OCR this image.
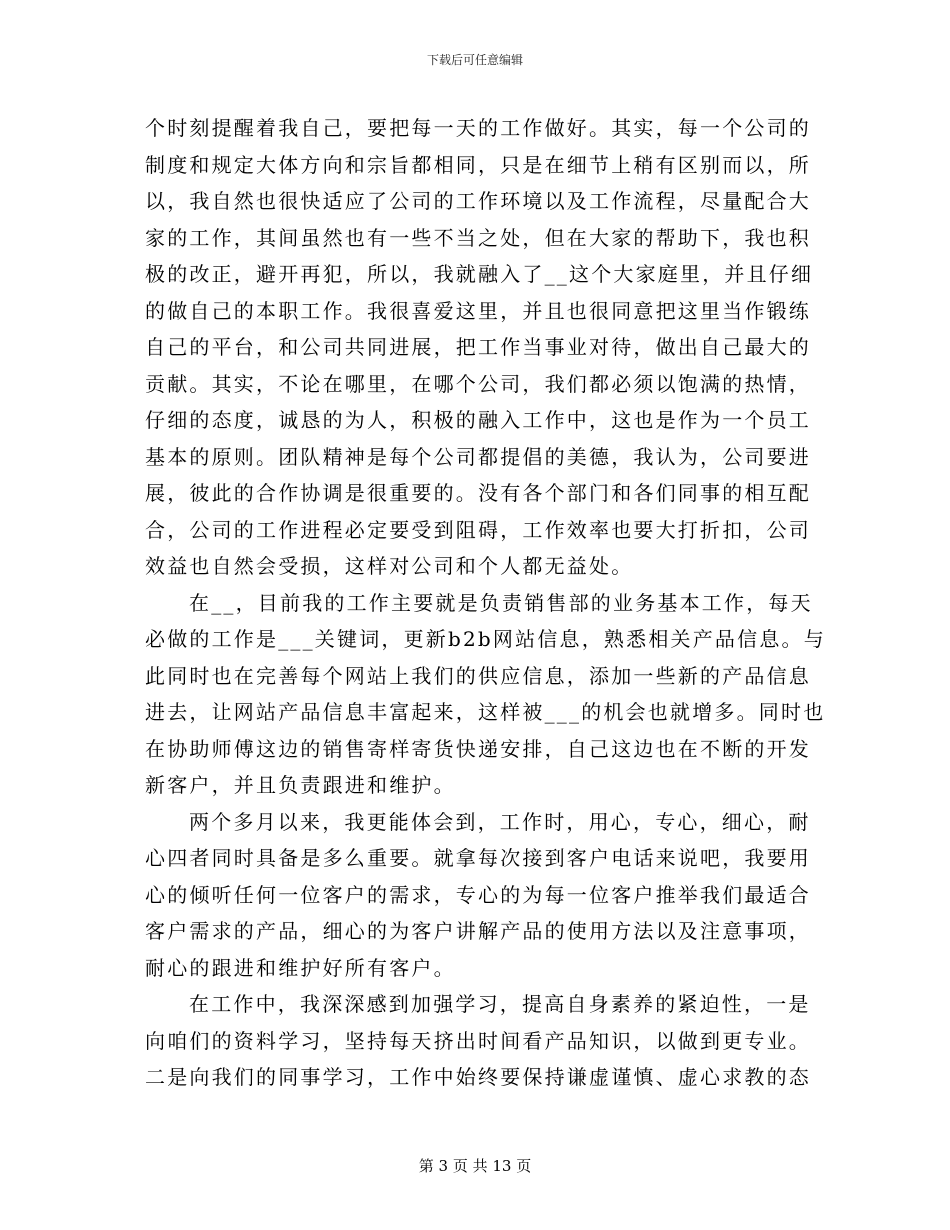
下载后可任意编辑
个时刻提醒着我自己，要把每一天的工作做好。其实，每一个公司的
制度和规定大体方向和宗旨都相同，只是在细节上稍有区别而以，所
以，我自然也很快适应了公司的工作环境以及工作流程，尽量配合大
家的工作，其间虽然也有一些不当之处，但在大家的帮助下，我也积
极的改正，避开再犯，所以，我就融入了__这个大家庭里，并且仔细
的做自己的本职工作。我很喜爱这里，并且也很同意把这里当作锻练
自己的平台，和公司共同进展，把工作当事业对待，做出自己最大的
贡献。其实，不论在哪里，在哪个公司，我们都必须以饱满的热情，
仔细的态度，诚恳的为人，积极的融入工作中，这也是作为一个员工
基本的原则。团队精神是每个公司都提倡的美德，我认为，公司要进
展，彼此的合作协调是很重要的。没有各个部门和各们同事的相互配
合，公司的工作进程必定要受到阻碍，工作效率也要大打折扣，公司
效益也自然会受损，这样对公司和个人都无益处。
在__，目前我的工作主要就是负责销售部的业务基本工作，每天
必做的工作是___关键词，更新b2b网站信息，熟悉相关产品信息。与
此同时也在完善每个网站上我们的供应信息，添加一些新的产品信息
进去，让网站产品信息丰富起来，这样被___的机会也就增多。同时也
在协助师傅这边的销售寄样寄货快递安排，自己这边也在不断的开发
新客户，并且负责跟进和维护。
两个多月以来，我更能体会到，工作时，用心，专心，细心，耐
心四者同时具备是多么重要。就拿每次接到客户电话来说吧，我要用
心的倾听任何一位客户的需求，专心的为每一位客户推举我们最适合
客户需求的产品，细心的为客户讲解产品的使用方法以及注意事项，
耐心的跟进和维护好所有客户。
在工作中，我深深感到加强学习，提高自身素养的紧迫性，一是
向咱们的资料学习，坚持每天挤出时间看产品知识，以做到更专业。
二是向我们的同事学习，工作中始终要保持谦虚谨慎、虚心求教的态
第 3 页 共 13 页
